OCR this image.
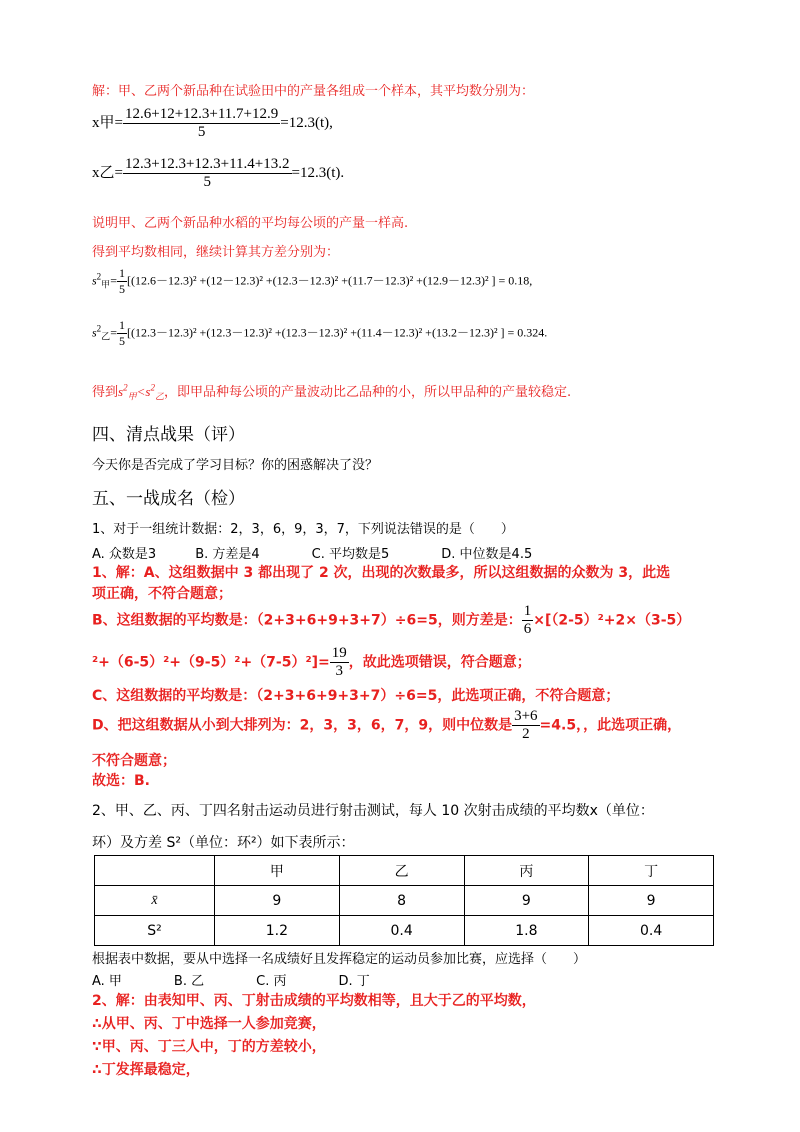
解：甲、乙两个新品种在试验田中的产量各组成一个样本，其平均数分别为：
x甲= $\frac{12.6+12+12.3+11.7+12.9}{5} =12.3(t)$,
x乙= $\frac{12.3+12.3+12.3+11.4+13.2}{5} =12.3(t)$.
说明甲、乙两个新品种水稻的平均每公顷的产量一样高.
得到平均数相同，继续计算其方差分别为：
$s^2_甲= \frac{1}{5} [(12.6-12.3)^2 +(12-12.3)^2 +(12.3-12.3)^2 +(11.7-12.3)^2 +(12.9-12.3)^2$ ] = 0.18,
$s^2_乙= \frac{1}{5} [(12.3-12.3)^2 +(12.3-12.3)^2 +(12.3-12.3)^2 +(11.4-12.3)^2 +(13.2-12.3)^2$ ] = 0.324.
得到$s^2_甲<s^2_乙$，即甲品种每公顷的产量波动比乙品种的小，所以甲品种的产量较稳定.
四、清点战果（评）
今天你是否完成了学习目标？你的困惑解决了没？
五、一战成名（检）
1、对于一组统计数据：2，3，6，9，3，7，下列说法错误的是（　　）
A. 众数是3　　　B. 方差是4　　　　C. 平均数是5　　　　D. 中位数是4.5
1、解：A、这组数据中 3 都出现了 2 次，出现的次数最多，所以这组数据的众数为 3，此选
项正确，不符合题意；
B、这组数据的平均数是：（2+3+6+9+3+7）÷6=5，则方差是： $\frac{1}{6} \times[(2-5)^2+2\times(3-5)$
$^2+(6-5)^2+(9-5)^2+(7-5)^2]= \frac{19}{3}$ ，故此选项错误，符合题意；
C、这组数据的平均数是：（2+3+6+9+3+7）÷6=5，此选项正确，不符合题意；
D、把这组数据从小到大排列为：2，3，3，6，7，9，则中位数是 $\frac{3+6}{2} =4.5$，，此选项正确，
不符合题意；
故选：B.
2、甲、乙、丙、丁四名射击运动员进行射击测试，每人 10 次射击成绩的平均数x（单位：
环）及方差 S²（单位：环²）如下表所示：
	甲	乙	丙	丁
x̄	9	8	9	9
S²	1.2	0.4	1.8	0.4
根据表中数据，要从中选择一名成绩好且发挥稳定的运动员参加比赛，应选择（　　）
A. 甲　　　　B. 乙　　　　C. 丙　　　　D. 丁
2、解：由表知甲、丙、丁射击成绩的平均数相等，且大于乙的平均数，
∴从甲、丙、丁中选择一人参加竞赛，
∵甲、丙、丁三人中，丁的方差较小，
∴丁发挥最稳定，
